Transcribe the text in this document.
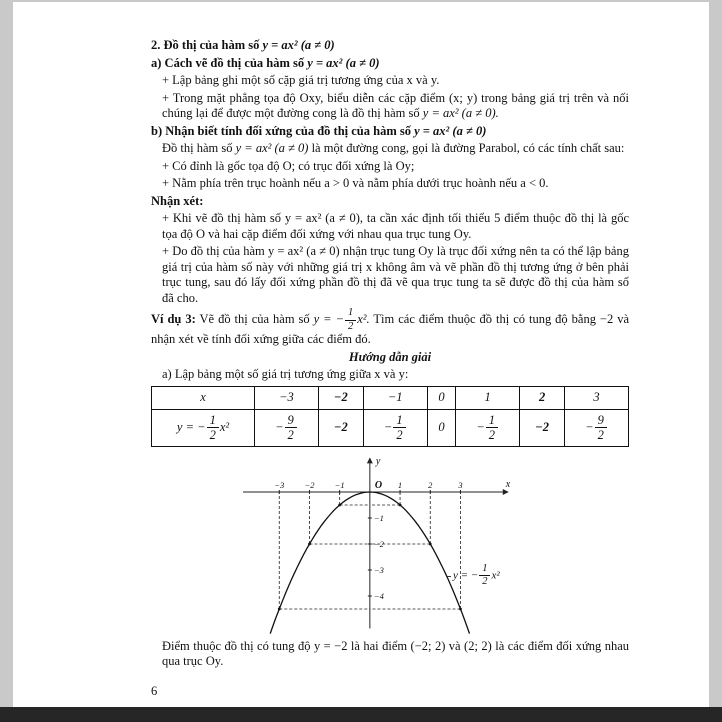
2. Đồ thị của hàm số y = ax² (a ≠ 0)

a) Cách vẽ đồ thị của hàm số y = ax² (a ≠ 0)

+ Lập bảng ghi một số cặp giá trị tương ứng của x và y.

+ Trong mặt phẳng tọa độ Oxy, biểu diễn các cặp điểm (x; y) trong bảng giá trị trên và nối chúng lại để được một đường cong là đồ thị hàm số y = ax² (a ≠ 0).

b) Nhận biết tính đối xứng của đồ thị của hàm số y = ax² (a ≠ 0)

Đồ thị hàm số y = ax² (a ≠ 0) là một đường cong, gọi là đường Parabol, có các tính chất sau:

+ Có đỉnh là gốc tọa độ O; có trục đối xứng là Oy;

+ Nằm phía trên trục hoành nếu a > 0 và nằm phía dưới trục hoành nếu a < 0.

Nhận xét:

+ Khi vẽ đồ thị hàm số y = ax² (a ≠ 0), ta cần xác định tối thiểu 5 điểm thuộc đồ thị là gốc tọa độ O và hai cặp điểm đối xứng với nhau qua trục tung Oy.

+ Do đồ thị của hàm y = ax² (a ≠ 0) nhận trục tung Oy là trục đối xứng nên ta có thể lập bảng giá trị của hàm số này với những giá trị x không âm và vẽ phần đồ thị tương ứng ở bên phải trục tung, sau đó lấy đối xứng phần đồ thị đã vẽ qua trục tung ta sẽ được đồ thị của hàm số đã cho.

Ví dụ 3: Vẽ đồ thị của hàm số y = − $\frac{1}{2} x^2$. Tìm các điểm thuộc đồ thị có tung độ bằng −2 và nhận xét về tính đối xứng giữa các điểm đó.

Hướng dẫn giải

a) Lập bảng một số giá trị tương ứng giữa x và y:

x	−3	−2	−1	0	1	2	3
y = − $\frac{1}{2} x^2$	− $\frac{9}{2}$	−2	− $\frac{1}{2}$	0	− $\frac{1}{2}$	−2	− $\frac{9}{2}$
x
y
O
−3 −2 −1	1	2	3
−1
−2
−3
−4
y = − $\frac{1}{2} x^2$

Điểm thuộc đồ thị có tung độ y = −2 là hai điểm (−2; 2) và (2; 2) là các điểm đối xứng nhau qua trục Oy.

6
